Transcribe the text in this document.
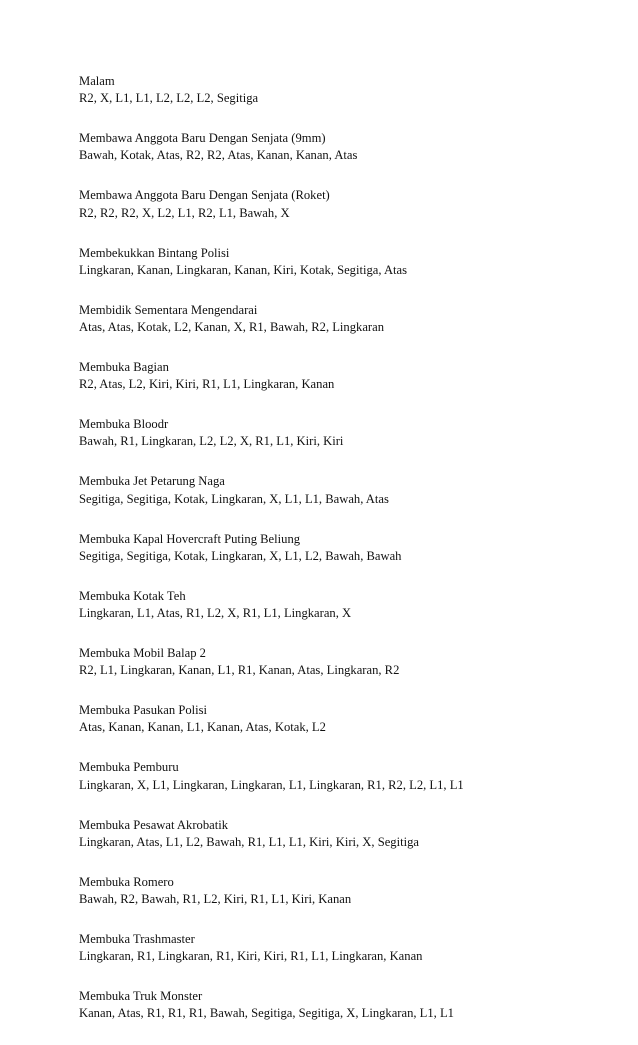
Malam

R2, X, L1, L1, L2, L2, L2, Segitiga

Membawa Anggota Baru Dengan Senjata (9mm)

Bawah, Kotak, Atas, R2, R2, Atas, Kanan, Kanan, Atas

Membawa Anggota Baru Dengan Senjata (Roket)

R2, R2, R2, X, L2, L1, R2, L1, Bawah, X

Membekukkan Bintang Polisi

Lingkaran, Kanan, Lingkaran, Kanan, Kiri, Kotak, Segitiga, Atas

Membidik Sementara Mengendarai

Atas, Atas, Kotak, L2, Kanan, X, R1, Bawah, R2, Lingkaran

Membuka Bagian

R2, Atas, L2, Kiri, Kiri, R1, L1, Lingkaran, Kanan

Membuka Bloodr

Bawah, R1, Lingkaran, L2, L2, X, R1, L1, Kiri, Kiri

Membuka Jet Petarung Naga

Segitiga, Segitiga, Kotak, Lingkaran, X, L1, L1, Bawah, Atas

Membuka Kapal Hovercraft Puting Beliung

Segitiga, Segitiga, Kotak, Lingkaran, X, L1, L2, Bawah, Bawah

Membuka Kotak Teh

Lingkaran, L1, Atas, R1, L2, X, R1, L1, Lingkaran, X

Membuka Mobil Balap 2

R2, L1, Lingkaran, Kanan, L1, R1, Kanan, Atas, Lingkaran, R2

Membuka Pasukan Polisi

Atas, Kanan, Kanan, L1, Kanan, Atas, Kotak, L2

Membuka Pemburu

Lingkaran, X, L1, Lingkaran, Lingkaran, L1, Lingkaran, R1, R2, L2, L1, L1

Membuka Pesawat Akrobatik

Lingkaran, Atas, L1, L2, Bawah, R1, L1, L1, Kiri, Kiri, X, Segitiga

Membuka Romero

Bawah, R2, Bawah, R1, L2, Kiri, R1, L1, Kiri, Kanan

Membuka Trashmaster

Lingkaran, R1, Lingkaran, R1, Kiri, Kiri, R1, L1, Lingkaran, Kanan

Membuka Truk Monster

Kanan, Atas, R1, R1, R1, Bawah, Segitiga, Segitiga, X, Lingkaran, L1, L1
